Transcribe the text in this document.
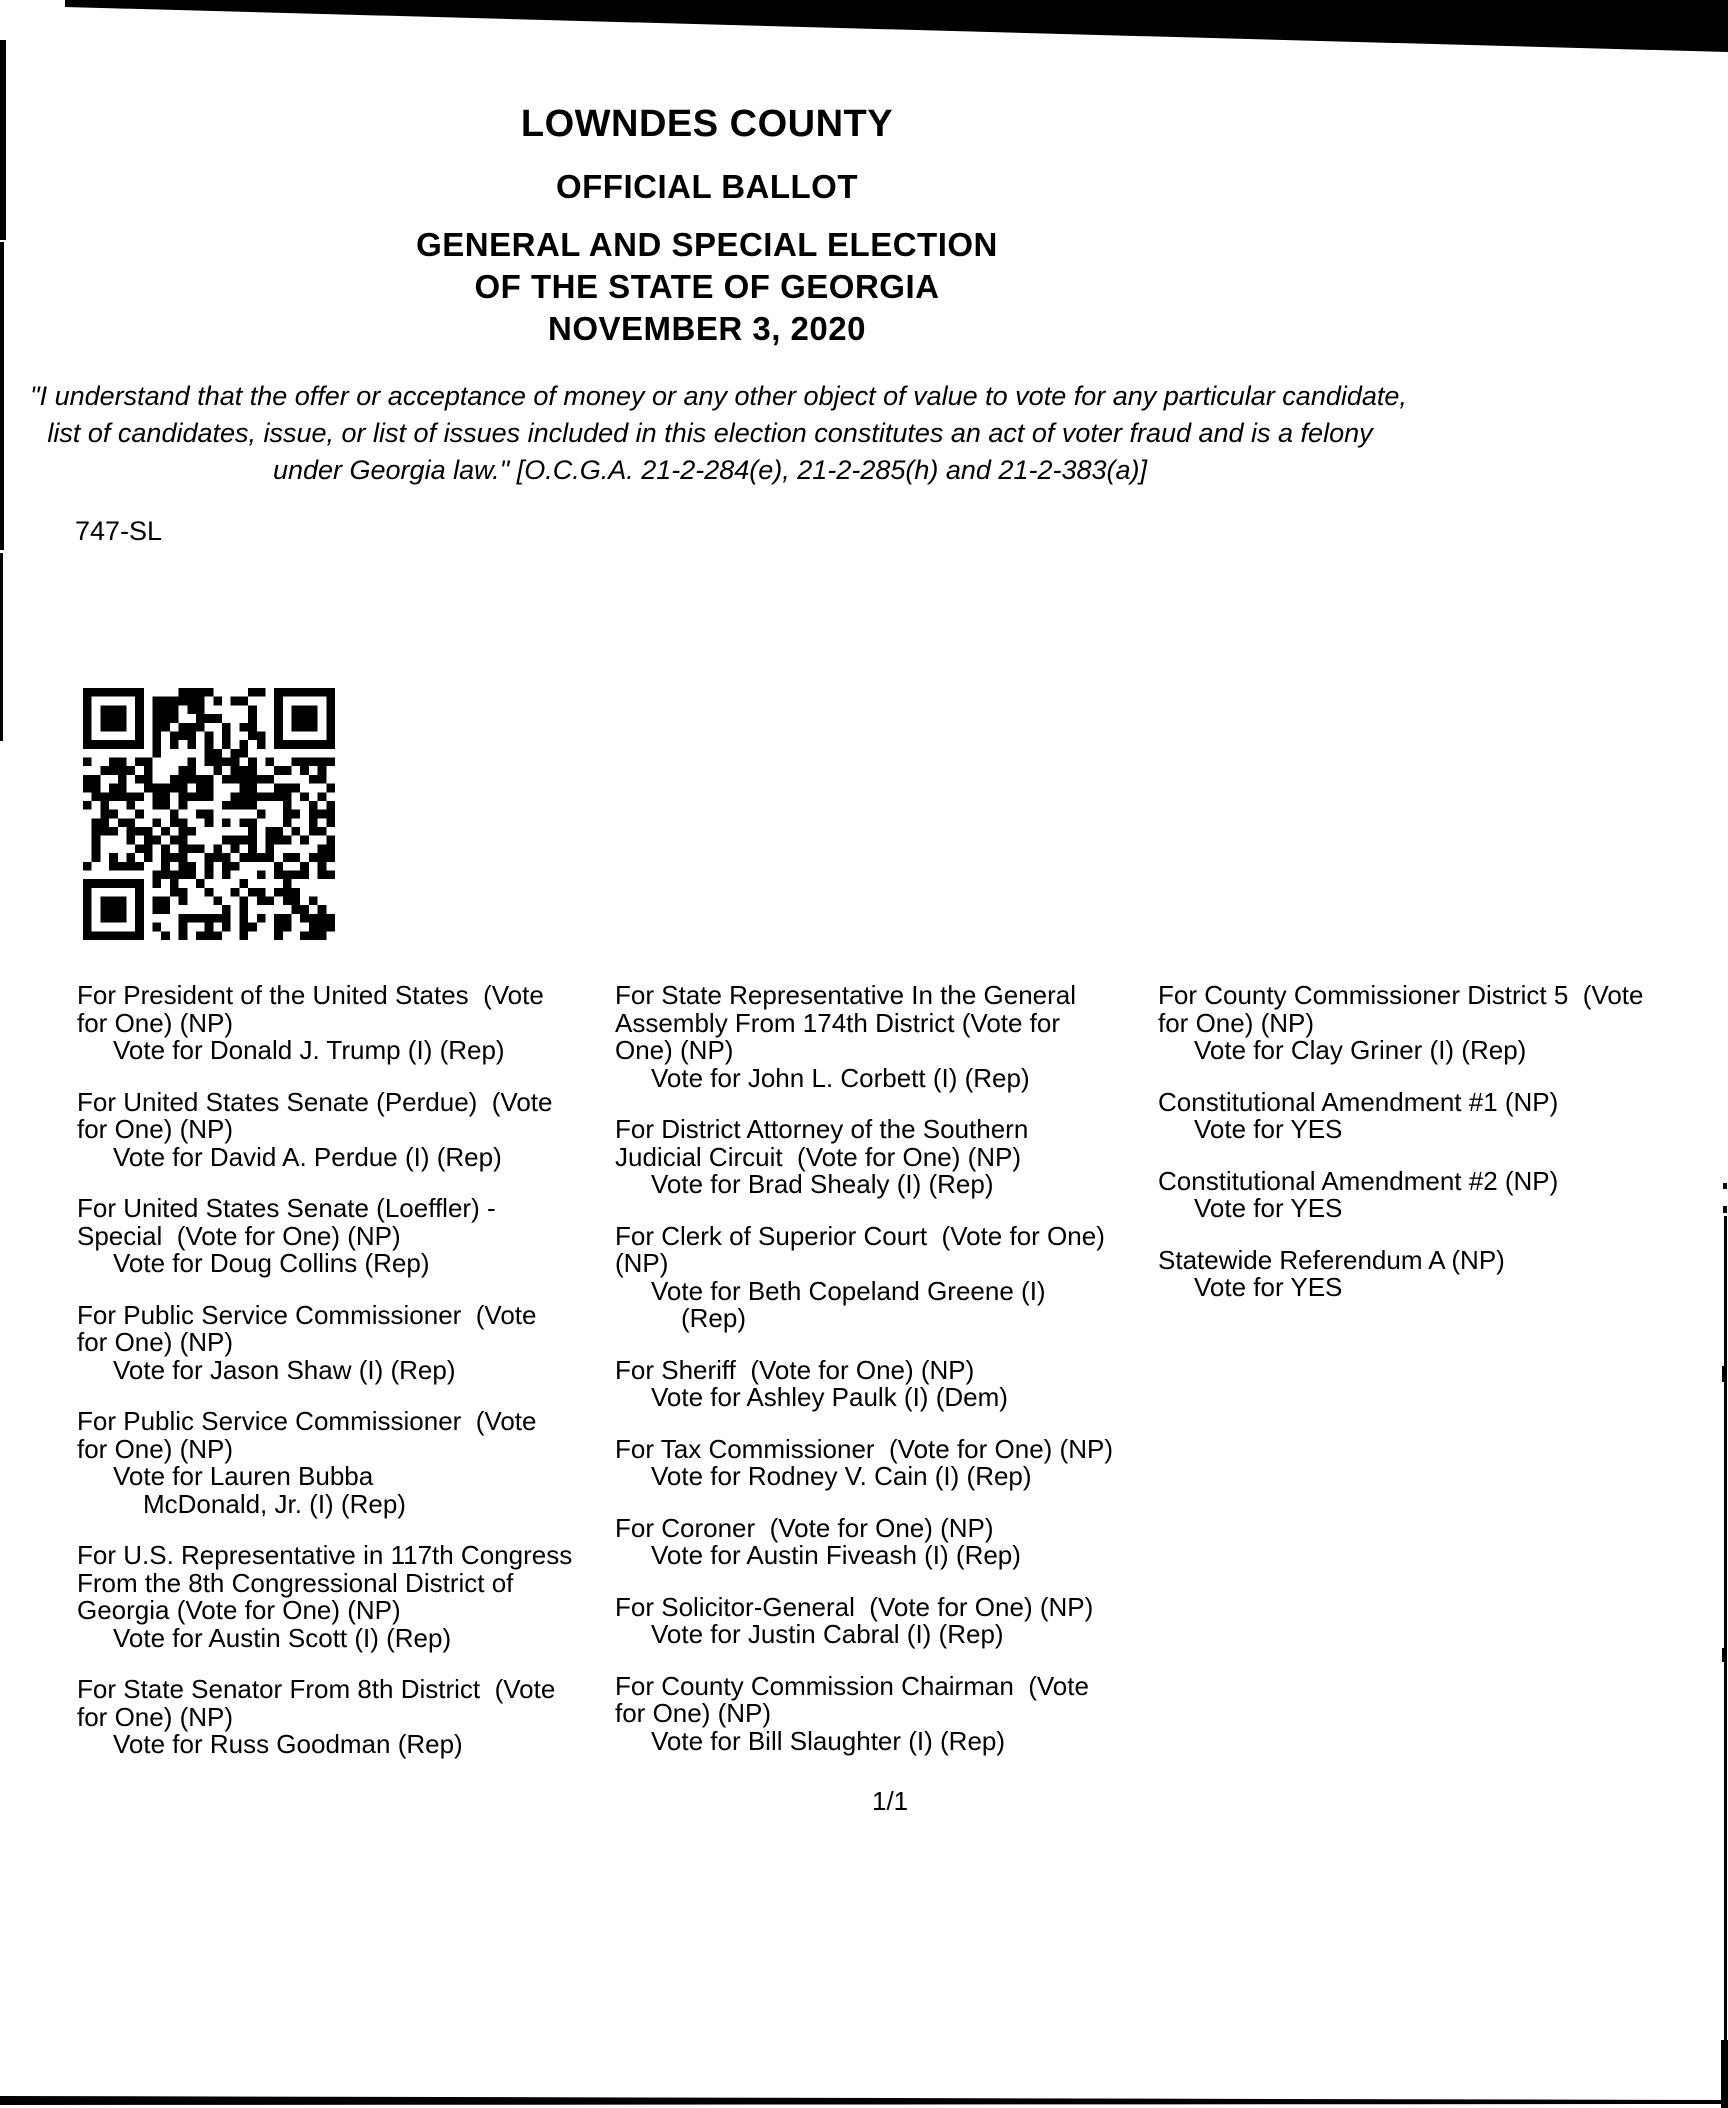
LOWNDES COUNTY
OFFICIAL BALLOT
GENERAL AND SPECIAL ELECTION
OF THE STATE OF GEORGIA
NOVEMBER 3, 2020
"I understand that the offer or acceptance of money or any other object of value to vote for any particular candidate,
list of candidates, issue, or list of issues included in this election constitutes an act of voter fraud and is a felony
under Georgia law." [O.C.G.A. 21-2-284(e), 21-2-285(h) and 21-2-383(a)]
747-SL
For President of the United States  (Vote
for One) (NP)
Vote for Donald J. Trump (I) (Rep)
For United States Senate (Perdue)  (Vote
for One) (NP)
Vote for David A. Perdue (I) (Rep)
For United States Senate (Loeffler) -
Special  (Vote for One) (NP)
Vote for Doug Collins (Rep)
For Public Service Commissioner  (Vote
for One) (NP)
Vote for Jason Shaw (I) (Rep)
For Public Service Commissioner  (Vote
for One) (NP)
Vote for Lauren Bubba
McDonald, Jr. (I) (Rep)
For U.S. Representative in 117th Congress
From the 8th Congressional District of
Georgia (Vote for One) (NP)
Vote for Austin Scott (I) (Rep)
For State Senator From 8th District  (Vote
for One) (NP)
Vote for Russ Goodman (Rep)
For State Representative In the General
Assembly From 174th District (Vote for
One) (NP)
Vote for John L. Corbett (I) (Rep)
For District Attorney of the Southern
Judicial Circuit  (Vote for One) (NP)
Vote for Brad Shealy (I) (Rep)
For Clerk of Superior Court  (Vote for One)
(NP)
Vote for Beth Copeland Greene (I)
(Rep)
For Sheriff  (Vote for One) (NP)
Vote for Ashley Paulk (I) (Dem)
For Tax Commissioner  (Vote for One) (NP)
Vote for Rodney V. Cain (I) (Rep)
For Coroner  (Vote for One) (NP)
Vote for Austin Fiveash (I) (Rep)
For Solicitor-General  (Vote for One) (NP)
Vote for Justin Cabral (I) (Rep)
For County Commission Chairman  (Vote
for One) (NP)
Vote for Bill Slaughter (I) (Rep)
For County Commissioner District 5  (Vote
for One) (NP)
Vote for Clay Griner (I) (Rep)
Constitutional Amendment #1 (NP)
Vote for YES
Constitutional Amendment #2 (NP)
Vote for YES
Statewide Referendum A (NP)
Vote for YES
1/1
